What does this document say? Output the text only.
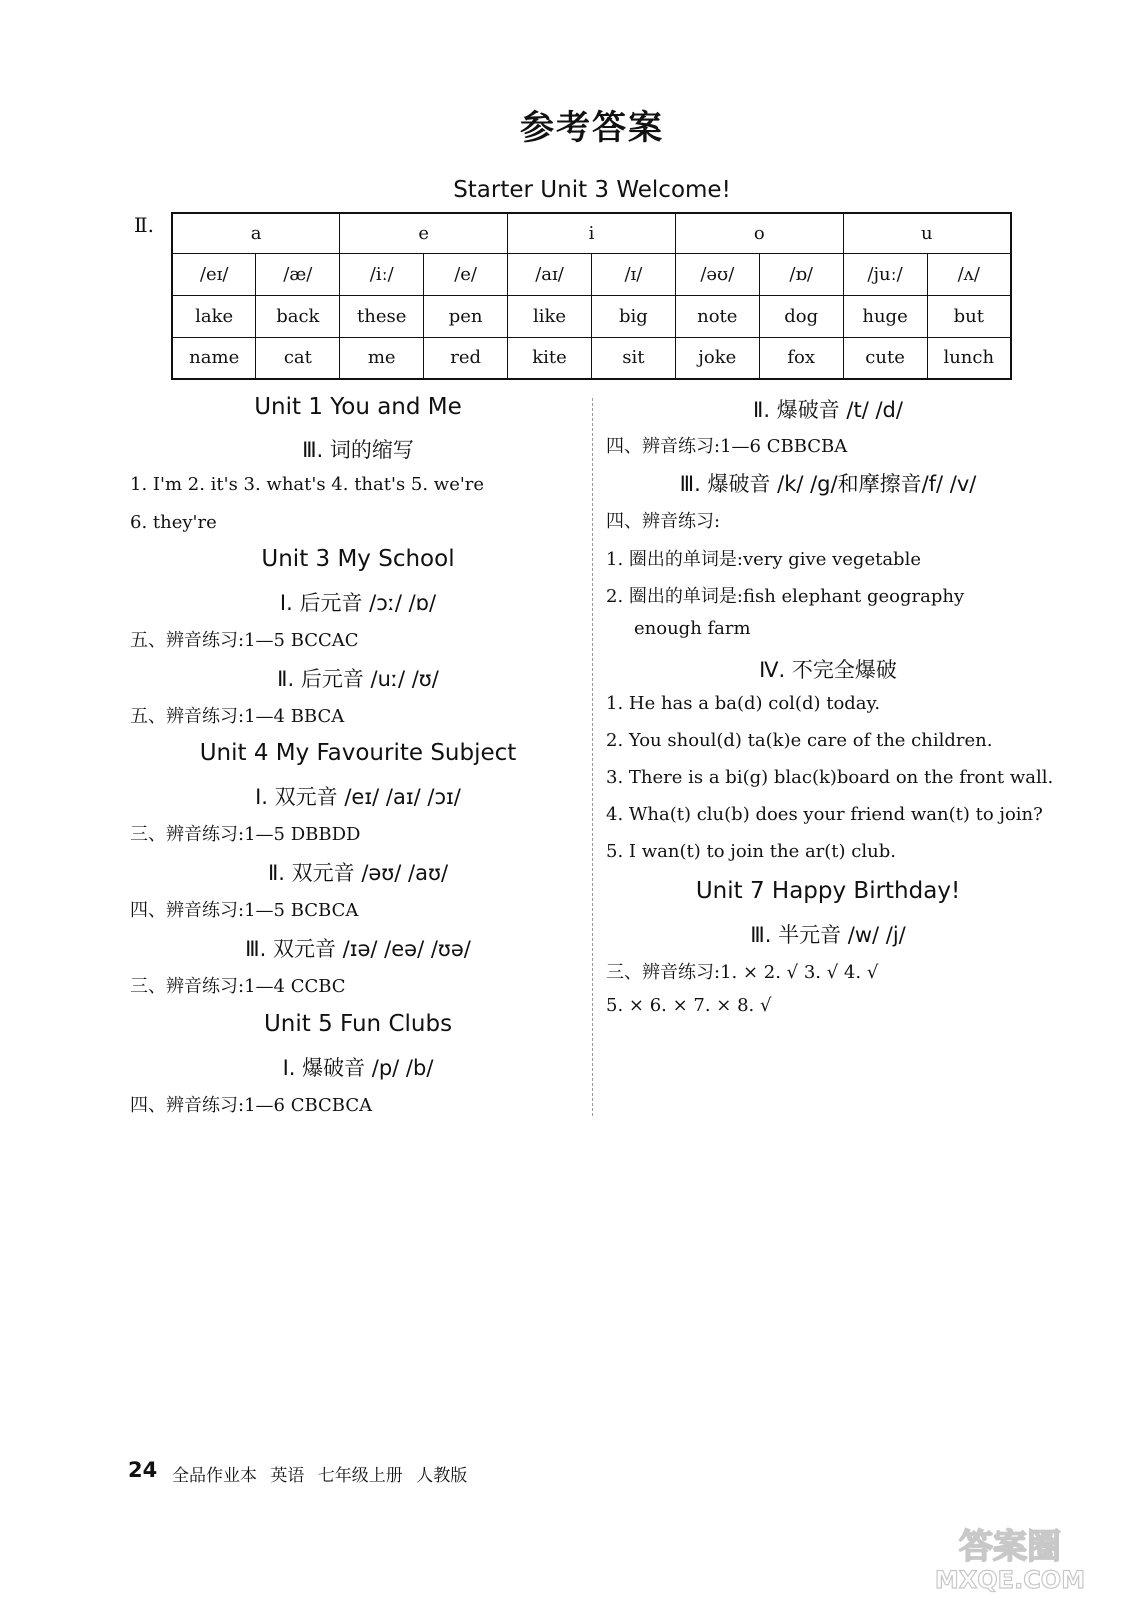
参考答案
Starter Unit 3 Welcome!
Ⅱ.	a		e		i		o		u	
/eɪ/	/æ/	/iː/	/e/	/aɪ/	/ɪ/	/əʊ/	/ɒ/	/juː/	/ʌ/
lake	back	these	pen	like	big	note	dog	huge	but
name	cat	me	red	kite	sit	joke	fox	cute	lunch
Unit 1 You and Me
Ⅲ. 词的缩写
1. I'm 2. it's 3. what's 4. that's 5. we're
6. they're
Unit 3 My School
Ⅰ. 后元音 /ɔː/ /ɒ/
五、辨音练习:1—5 BCCAC
Ⅱ. 后元音 /uː/ /ʊ/
五、辨音练习:1—4 BBCA
Unit 4 My Favourite Subject
Ⅰ. 双元音 /eɪ/ /aɪ/ /ɔɪ/
三、辨音练习:1—5 DBBDD
Ⅱ. 双元音 /əʊ/ /aʊ/
四、辨音练习:1—5 BCBCA
Ⅲ. 双元音 /ɪə/ /eə/ /ʊə/
三、辨音练习:1—4 CCBC
Unit 5 Fun Clubs
Ⅰ. 爆破音 /p/ /b/
四、辨音练习:1—6 CBCBCA
Ⅱ. 爆破音 /t/ /d/
四、辨音练习:1—6 CBBCBA
Ⅲ. 爆破音 /k/ /g/和摩擦音/f/ /v/
四、辨音练习:
1. 圈出的单词是:very give vegetable
2. 圈出的单词是:fish elephant geography
enough farm
Ⅳ. 不完全爆破
1. He has a ba(d) col(d) today.
2. You shoul(d) ta(k)e care of the children.
3. There is a bi(g) blac(k)board on the front wall.
4. Wha(t) clu(b) does your friend wan(t) to join?
5. I wan(t) to join the ar(t) club.
Unit 7 Happy Birthday!
Ⅲ. 半元音 /w/ /j/
三、辨音练习:1. × 2. √ 3. √ 4. √
5. × 6. × 7. × 8. √
24 全品作业本 英语 七年级上册 人教版
答案圈
MXQE.COM
